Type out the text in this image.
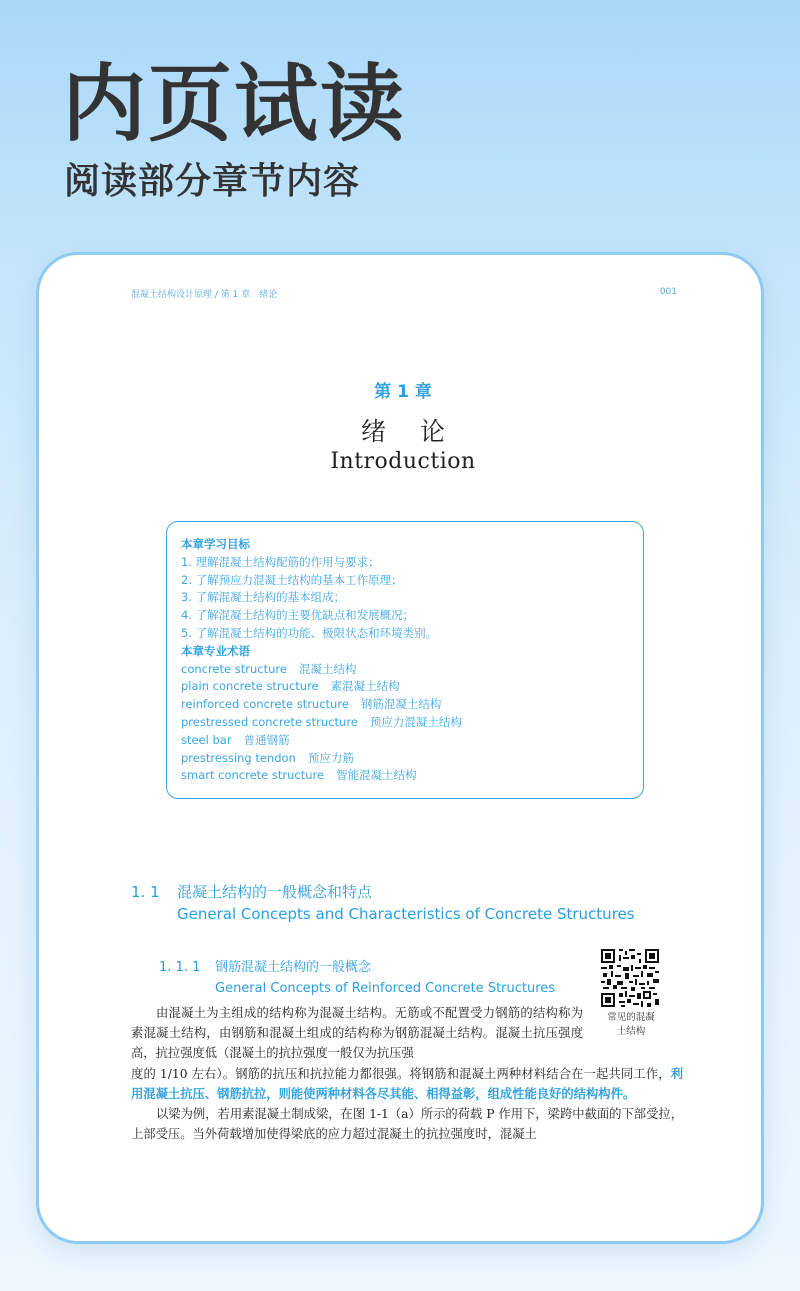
内页试读
阅读部分章节内容
混凝土结构设计原理 / 第 1 章　绪论	001
第 1 章
绪论
Introduction
本章学习目标
1. 理解混凝土结构配筋的作用与要求；
2. 了解预应力混凝土结构的基本工作原理；
3. 了解混凝土结构的基本组成；
4. 了解混凝土结构的主要优缺点和发展概况；
5. 了解混凝土结构的功能、极限状态和环境类别。
本章专业术语
concrete structure 混凝土结构
plain concrete structure 素混凝土结构
reinforced concrete structure 钢筋混凝土结构
prestressed concrete structure 预应力混凝土结构
steel bar 普通钢筋
prestressing tendon 预应力筋
smart concrete structure 智能混凝土结构
1. 1 混凝土结构的一般概念和特点
General Concepts and Characteristics of Concrete Structures
1. 1. 1 钢筋混凝土结构的一般概念
General Concepts of Reinforced Concrete Structures
常见的混凝
土结构
由混凝土为主组成的结构称为混凝土结构。无筋或不配置受力钢筋的结构称为素混凝土结构，由钢筋和混凝土组成的结构称为钢筋混凝土结构。混凝土抗压强度高，抗拉强度低（混凝土的抗拉强度一般仅为抗压强
度的 1/10 左右）。钢筋的抗压和抗拉能力都很强。将钢筋和混凝土两种材料结合在一起共同工作，利用混凝土抗压、钢筋抗拉，则能使两种材料各尽其能、相得益彰，组成性能良好的结构构件。
以梁为例，若用素混凝土制成梁，在图 1-1（a）所示的荷载 P 作用下，梁跨中截面的下部受拉，上部受压。当外荷载增加使得梁底的应力超过混凝土的抗拉强度时，混凝土
